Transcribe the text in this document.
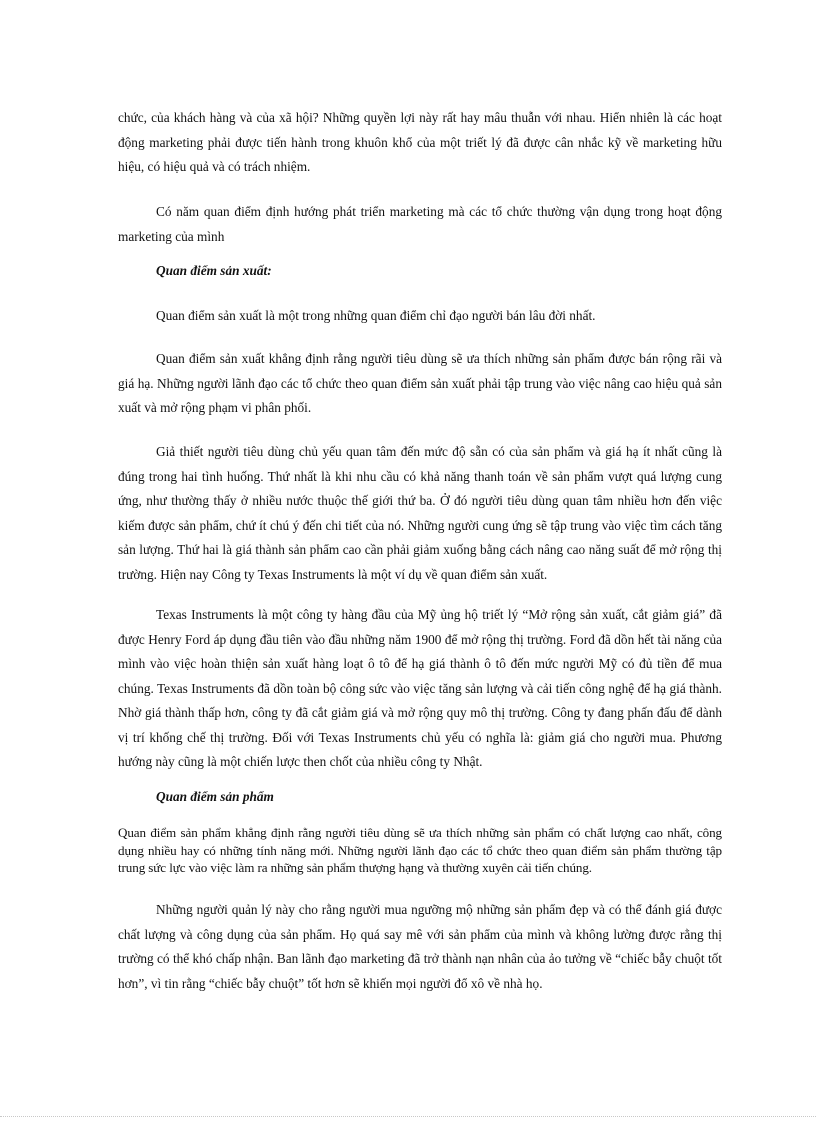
chức, của khách hàng và của xã hội? Những quyền lợi này rất hay mâu thuẫn với nhau. Hiển nhiên là các hoạt động marketing phải được tiến hành trong khuôn khổ của một triết lý đã được cân nhắc kỹ về marketing hữu hiệu, có hiệu quả và có trách nhiệm.

Có năm quan điểm định hướng phát triển marketing mà các tổ chức thường vận dụng trong hoạt động marketing của mình

Quan điểm sản xuất:

Quan điểm sản xuất là một trong những quan điểm chỉ đạo người bán lâu đời nhất.

Quan điểm sản xuất khẳng định rằng người tiêu dùng sẽ ưa thích những sản phẩm được bán rộng rãi và giá hạ. Những người lãnh đạo các tổ chức theo quan điểm sản xuất phải tập trung vào việc nâng cao hiệu quả sản xuất và mở rộng phạm vi phân phối.

Giả thiết người tiêu dùng chủ yếu quan tâm đến mức độ sẵn có của sản phẩm và giá hạ ít nhất cũng là đúng trong hai tình huống. Thứ nhất là khi nhu cầu có khả năng thanh toán về sản phẩm vượt quá lượng cung ứng, như thường thấy ở nhiều nước thuộc thế giới thứ ba. Ở đó người tiêu dùng quan tâm nhiều hơn đến việc kiếm được sản phẩm, chứ ít chú ý đến chi tiết của nó. Những người cung ứng sẽ tập trung vào việc tìm cách tăng sản lượng. Thứ hai là giá thành sản phẩm cao cần phải giảm xuống bằng cách nâng cao năng suất để mở rộng thị trường. Hiện nay Công ty Texas Instruments là một ví dụ về quan điểm sản xuất.

Texas Instruments là một công ty hàng đầu của Mỹ ủng hộ triết lý “Mở rộng sản xuất, cắt giảm giá” đã được Henry Ford áp dụng đầu tiên vào đầu những năm 1900 để mở rộng thị trường. Ford đã dồn hết tài năng của mình vào việc hoàn thiện sản xuất hàng loạt ô tô để hạ giá thành ô tô đến mức người Mỹ có đủ tiền để mua chúng. Texas Instruments đã dồn toàn bộ công sức vào việc tăng sản lượng và cải tiến công nghệ để hạ giá thành. Nhờ giá thành thấp hơn, công ty đã cắt giảm giá và mở rộng quy mô thị trường. Công ty đang phấn đấu để dành vị trí khống chế thị trường. Đối với Texas Instruments chủ yếu có nghĩa là: giảm giá cho người mua. Phương hướng này cũng là một chiến lược then chốt của nhiều công ty Nhật.

Quan điểm sản phẩm

Quan điểm sản phẩm khẳng định rằng người tiêu dùng sẽ ưa thích những sản phẩm có chất lượng cao nhất, công dụng nhiều hay có những tính năng mới. Những người lãnh đạo các tổ chức theo quan điểm sản phẩm thường tập trung sức lực vào việc làm ra những sản phẩm thượng hạng và thường xuyên cải tiến chúng.

Những người quản lý này cho rằng người mua ngưỡng mộ những sản phẩm đẹp và có thể đánh giá được chất lượng và công dụng của sản phẩm. Họ quá say mê với sản phẩm của mình và không lường được rằng thị trường có thể khó chấp nhận. Ban lãnh đạo marketing đã trở thành nạn nhân của ảo tưởng về “chiếc bẫy chuột tốt hơn”, vì tin rằng “chiếc bẫy chuột” tốt hơn sẽ khiến mọi người đổ xô về nhà họ.
